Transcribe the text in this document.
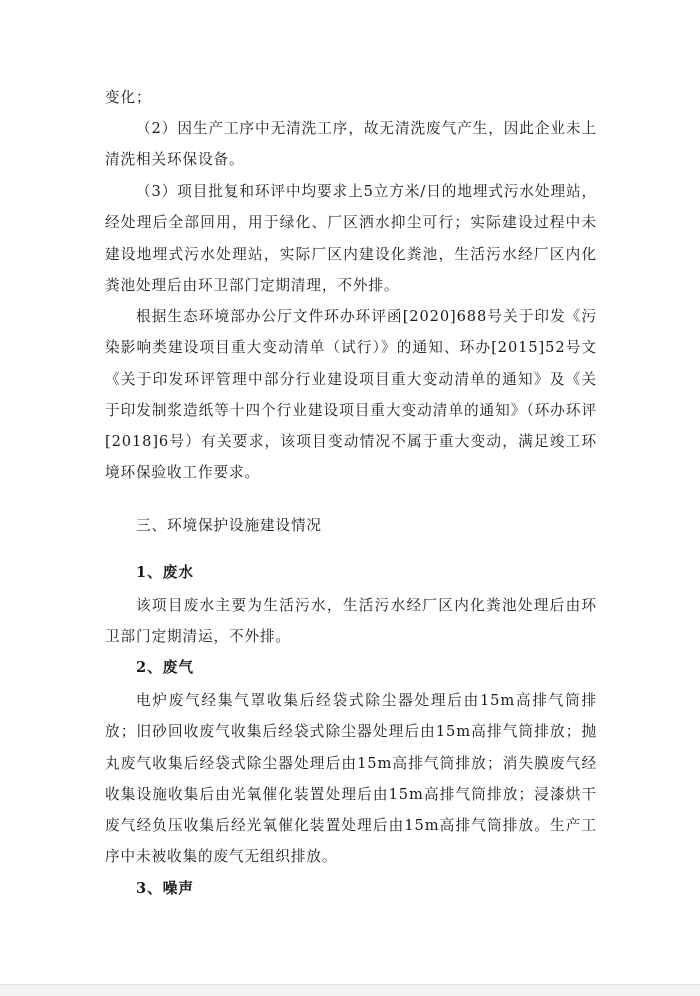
变化；

（2）因生产工序中无清洗工序，故无清洗废气产生，因此企业未上清洗相关环保设备。

（3）项目批复和环评中均要求上5立方米/日的地埋式污水处理站，经处理后全部回用，用于绿化、厂区洒水抑尘可行；实际建设过程中未建设地埋式污水处理站，实际厂区内建设化粪池，生活污水经厂区内化粪池处理后由环卫部门定期清理，不外排。

根据生态环境部办公厅文件环办环评函[2020]688号关于印发《污染影响类建设项目重大变动清单（试行）》的通知、环办[2015]52号文《关于印发环评管理中部分行业建设项目重大变动清单的通知》及《关于印发制浆造纸等十四个行业建设项目重大变动清单的通知》（环办环评[2018]6号）有关要求，该项目变动情况不属于重大变动，满足竣工环境环保验收工作要求。

三、环境保护设施建设情况
1、废水

该项目废水主要为生活污水，生活污水经厂区内化粪池处理后由环卫部门定期清运，不外排。

2、废气

电炉废气经集气罩收集后经袋式除尘器处理后由15m高排气筒排放；旧砂回收废气收集后经袋式除尘器处理后由15m高排气筒排放；抛丸废气收集后经袋式除尘器处理后由15m高排气筒排放；消失膜废气经收集设施收集后由光氧催化装置处理后由15m高排气筒排放；浸漆烘干废气经负压收集后经光氧催化装置处理后由15m高排气筒排放。生产工序中未被收集的废气无组织排放。

3、噪声
